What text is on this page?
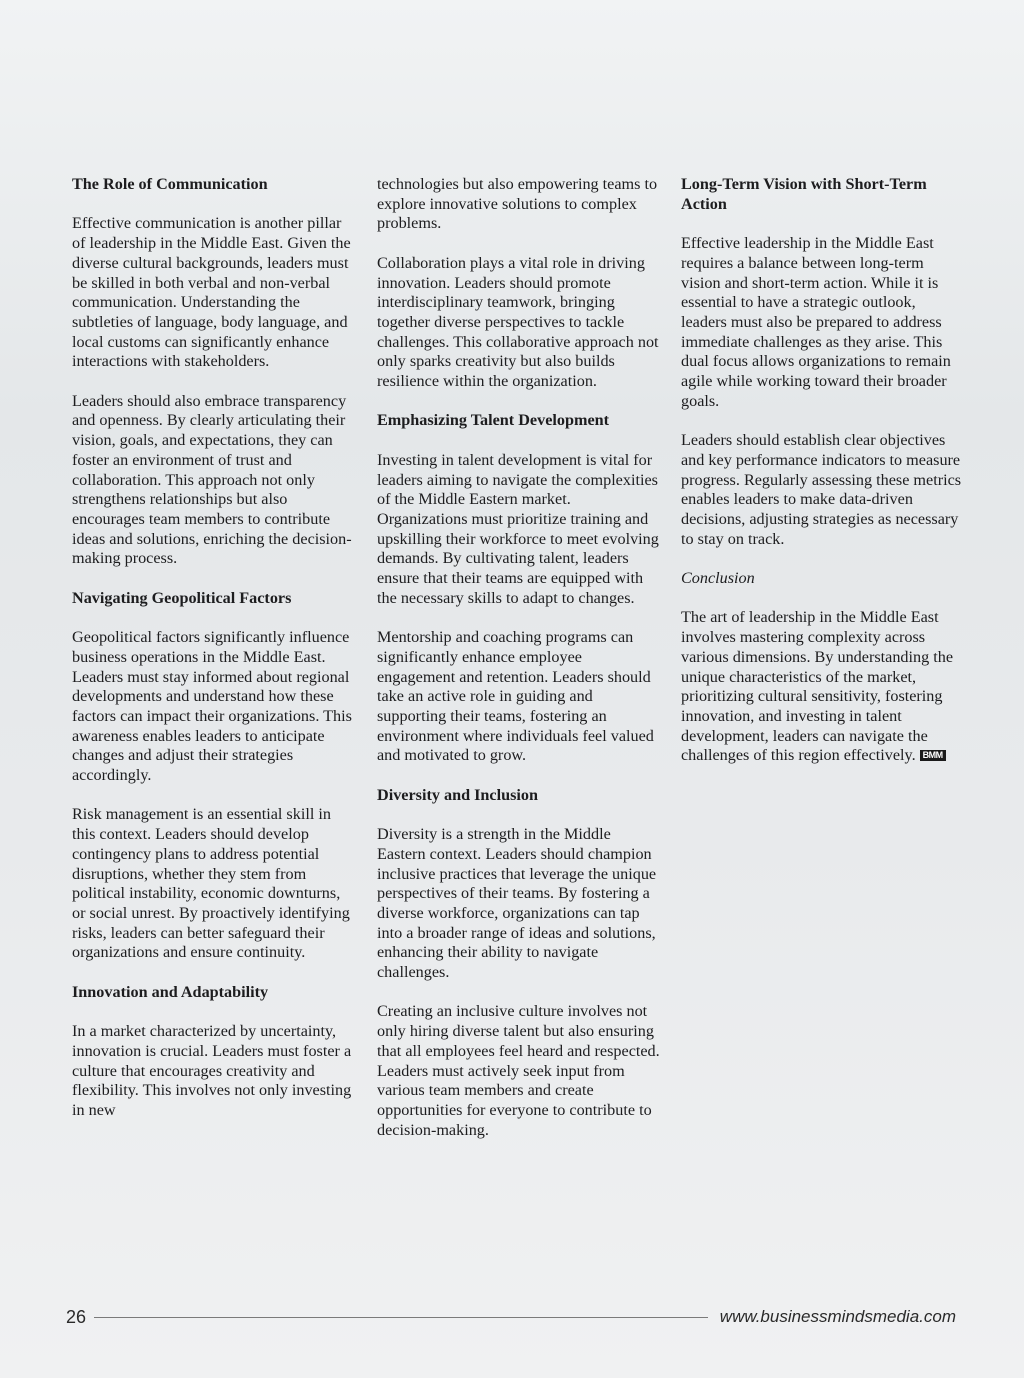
The Role of Communication

Effective communication is another pillar of leadership in the Middle East. Given the diverse cultural backgrounds, leaders must be skilled in both verbal and non-verbal communication. Understanding the subtleties of language, body language, and local customs can significantly enhance interactions with stakeholders.

Leaders should also embrace transparency and openness. By clearly articulating their vision, goals, and expectations, they can foster an environment of trust and collaboration. This approach not only strengthens relationships but also encourages team members to contribute ideas and solutions, enriching the decision-making process.

Navigating Geopolitical Factors

Geopolitical factors significantly influence business operations in the Middle East. Leaders must stay informed about regional developments and understand how these factors can impact their organizations. This awareness enables leaders to anticipate changes and adjust their strategies accordingly.

Risk management is an essential skill in this context. Leaders should develop contingency plans to address potential disruptions, whether they stem from political instability, economic downturns, or social unrest. By proactively identifying risks, leaders can better safeguard their organizations and ensure continuity.

Innovation and Adaptability

In a market characterized by uncertainty, innovation is crucial. Leaders must foster a culture that encourages creativity and flexibility. This involves not only investing in new

technologies but also empowering teams to explore innovative solutions to complex problems.

Collaboration plays a vital role in driving innovation. Leaders should promote interdisciplinary teamwork, bringing together diverse perspectives to tackle challenges. This collaborative approach not only sparks creativity but also builds resilience within the organization.

Emphasizing Talent Development

Investing in talent development is vital for leaders aiming to navigate the complexities of the Middle Eastern market. Organizations must prioritize training and upskilling their workforce to meet evolving demands. By cultivating talent, leaders ensure that their teams are equipped with the necessary skills to adapt to changes.

Mentorship and coaching programs can significantly enhance employee engagement and retention. Leaders should take an active role in guiding and supporting their teams, fostering an environment where individuals feel valued and motivated to grow.

Diversity and Inclusion

Diversity is a strength in the Middle Eastern context. Leaders should champion inclusive practices that leverage the unique perspectives of their teams. By fostering a diverse workforce, organizations can tap into a broader range of ideas and solutions, enhancing their ability to navigate challenges.

Creating an inclusive culture involves not only hiring diverse talent but also ensuring that all employees feel heard and respected. Leaders must actively seek input from various team members and create opportunities for everyone to contribute to decision-making.

Long-Term Vision with Short-Term Action

Effective leadership in the Middle East requires a balance between long-term vision and short-term action. While it is essential to have a strategic outlook, leaders must also be prepared to address immediate challenges as they arise. This dual focus allows organizations to remain agile while working toward their broader goals.

Leaders should establish clear objectives and key performance indicators to measure progress. Regularly assessing these metrics enables leaders to make data-driven decisions, adjusting strategies as necessary to stay on track.

Conclusion

The art of leadership in the Middle East involves mastering complexity across various dimensions. By understanding the unique characteristics of the market, prioritizing cultural sensitivity, fostering innovation, and investing in talent development, leaders can navigate the challenges of this region effectively. BMM

26	www.businessmindsmedia.com
